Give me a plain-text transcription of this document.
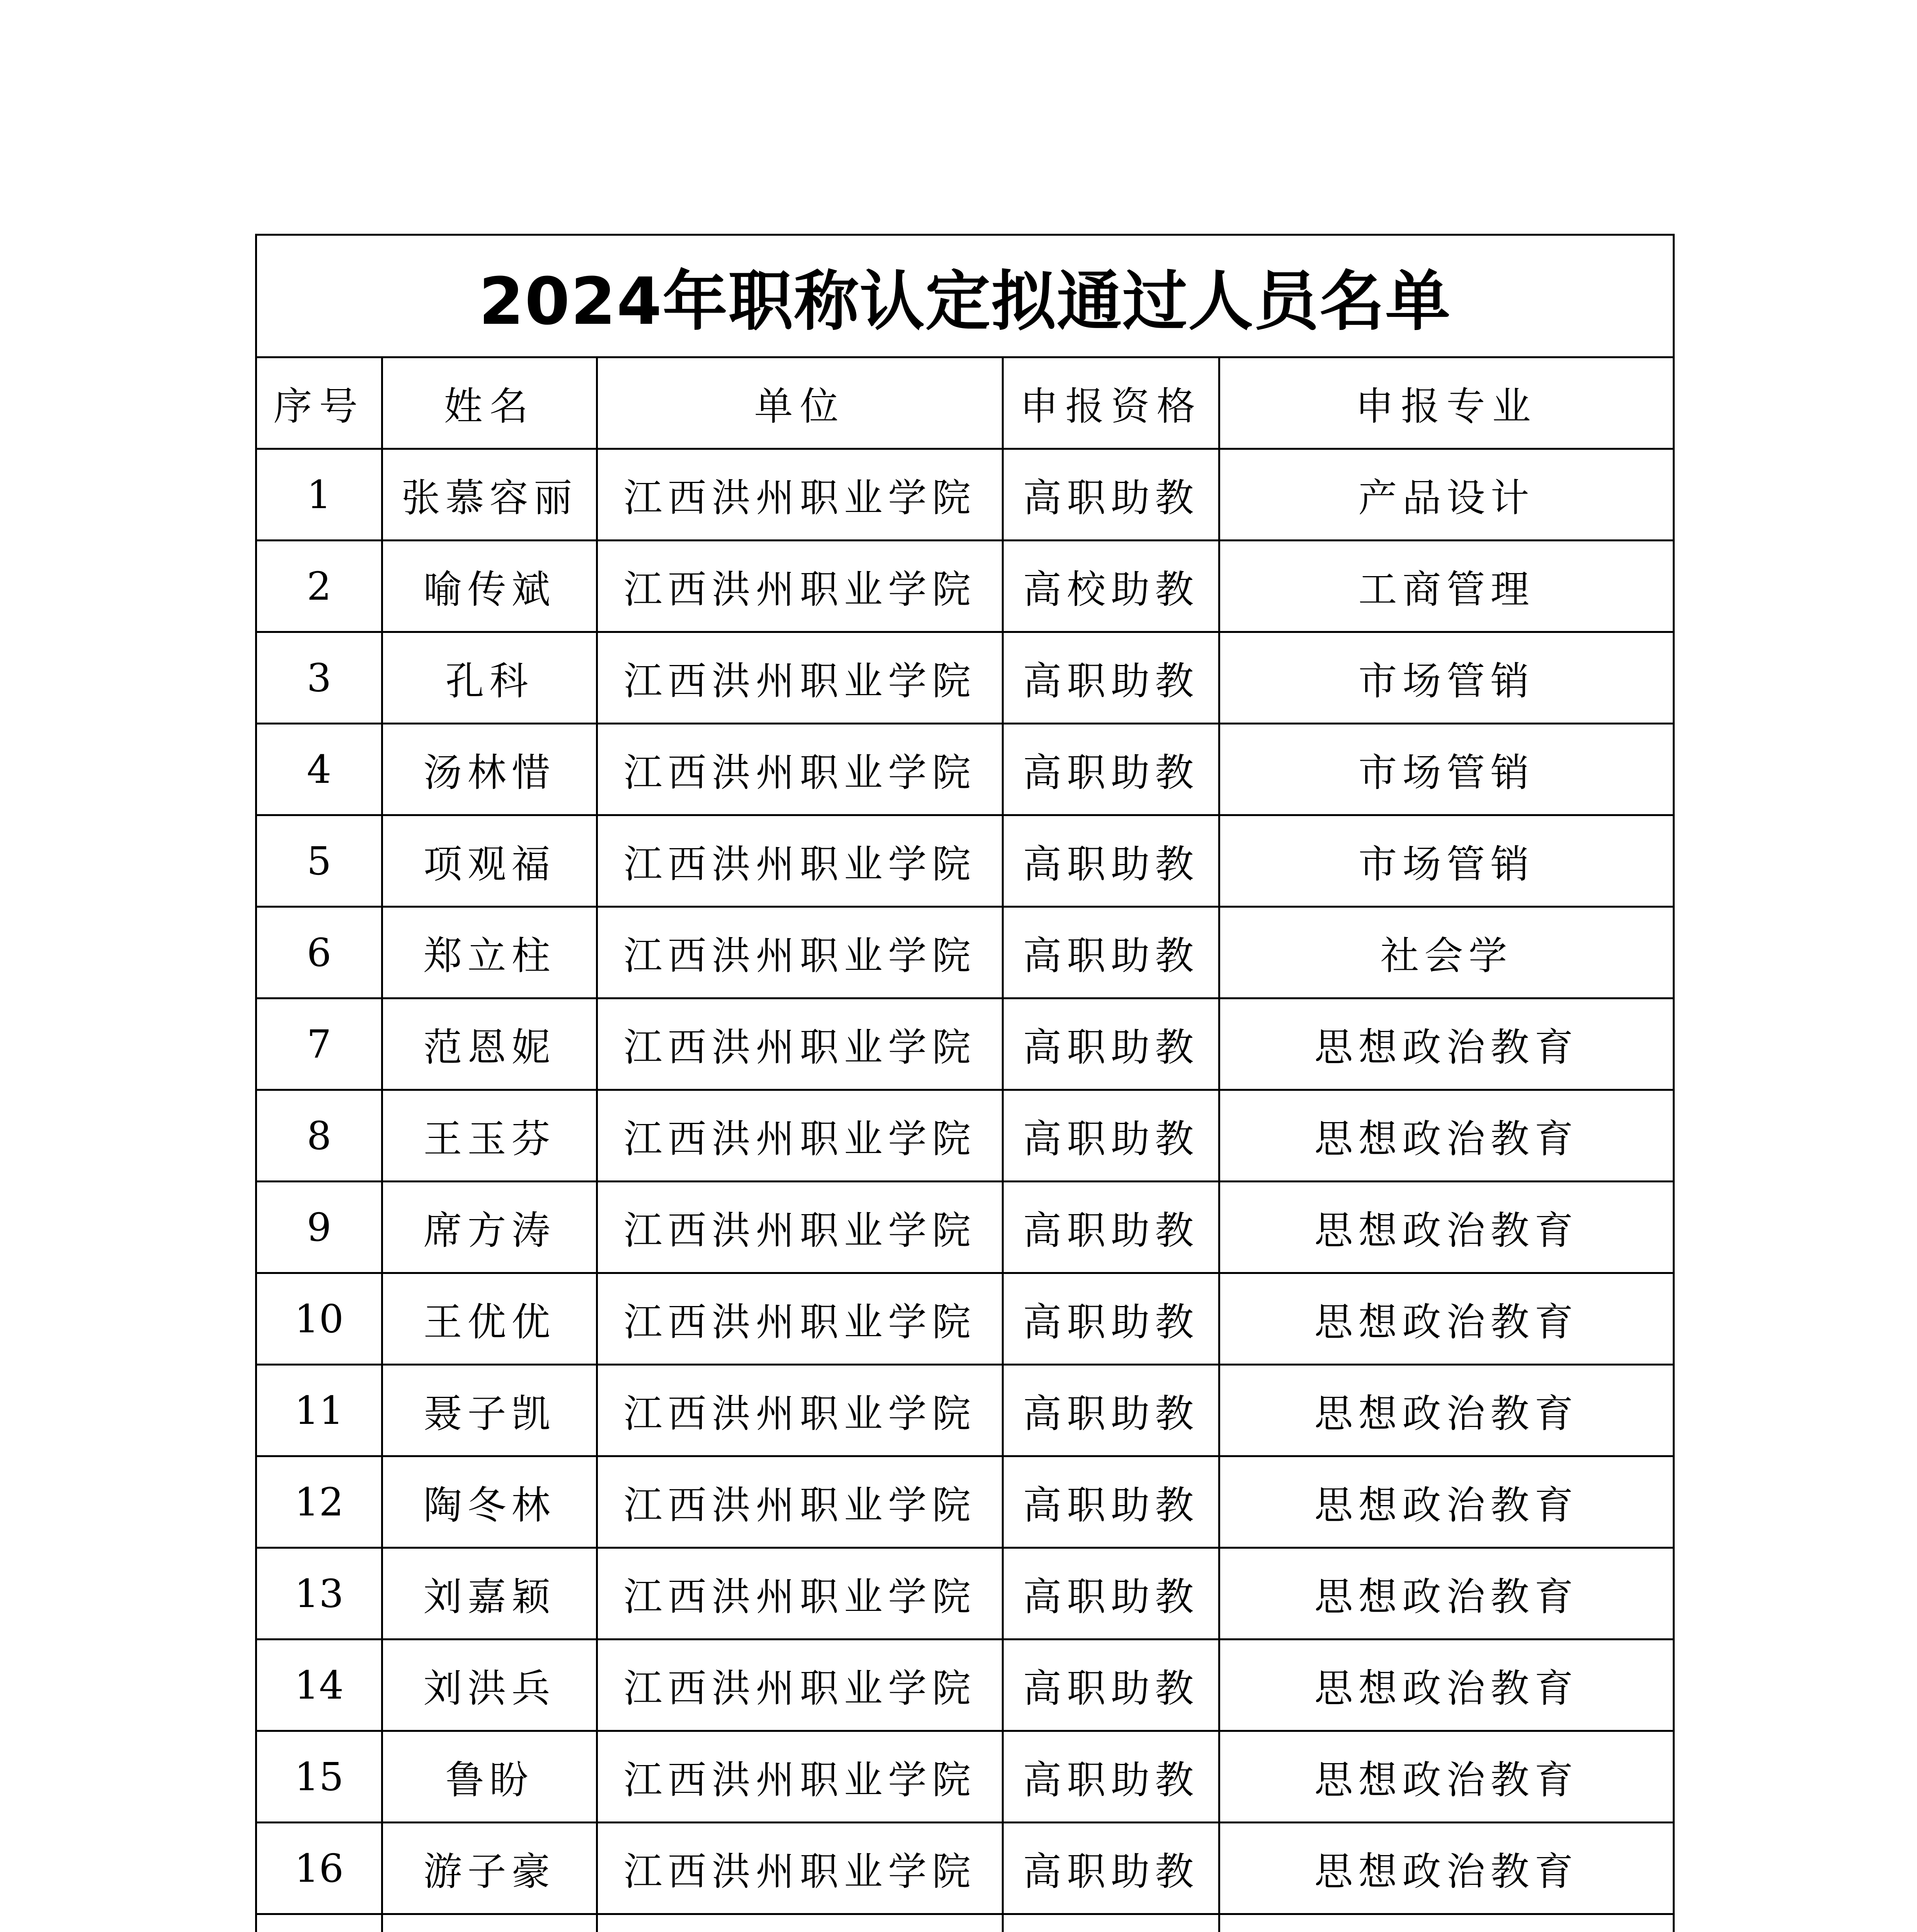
2024年职称认定拟通过人员名单				
序号	姓名	单位	申报资格	申报专业
1	张慕容丽	江西洪州职业学院	高职助教	产品设计
2	喻传斌	江西洪州职业学院	高校助教	工商管理
3	孔科	江西洪州职业学院	高职助教	市场管销
4	汤林惜	江西洪州职业学院	高职助教	市场管销
5	项观福	江西洪州职业学院	高职助教	市场管销
6	郑立柱	江西洪州职业学院	高职助教	社会学
7	范恩妮	江西洪州职业学院	高职助教	思想政治教育
8	王玉芬	江西洪州职业学院	高职助教	思想政治教育
9	席方涛	江西洪州职业学院	高职助教	思想政治教育
10	王优优	江西洪州职业学院	高职助教	思想政治教育
11	聂子凯	江西洪州职业学院	高职助教	思想政治教育
12	陶冬林	江西洪州职业学院	高职助教	思想政治教育
13	刘嘉颖	江西洪州职业学院	高职助教	思想政治教育
14	刘洪兵	江西洪州职业学院	高职助教	思想政治教育
15	鲁盼	江西洪州职业学院	高职助教	思想政治教育
16	游子豪	江西洪州职业学院	高职助教	思想政治教育
